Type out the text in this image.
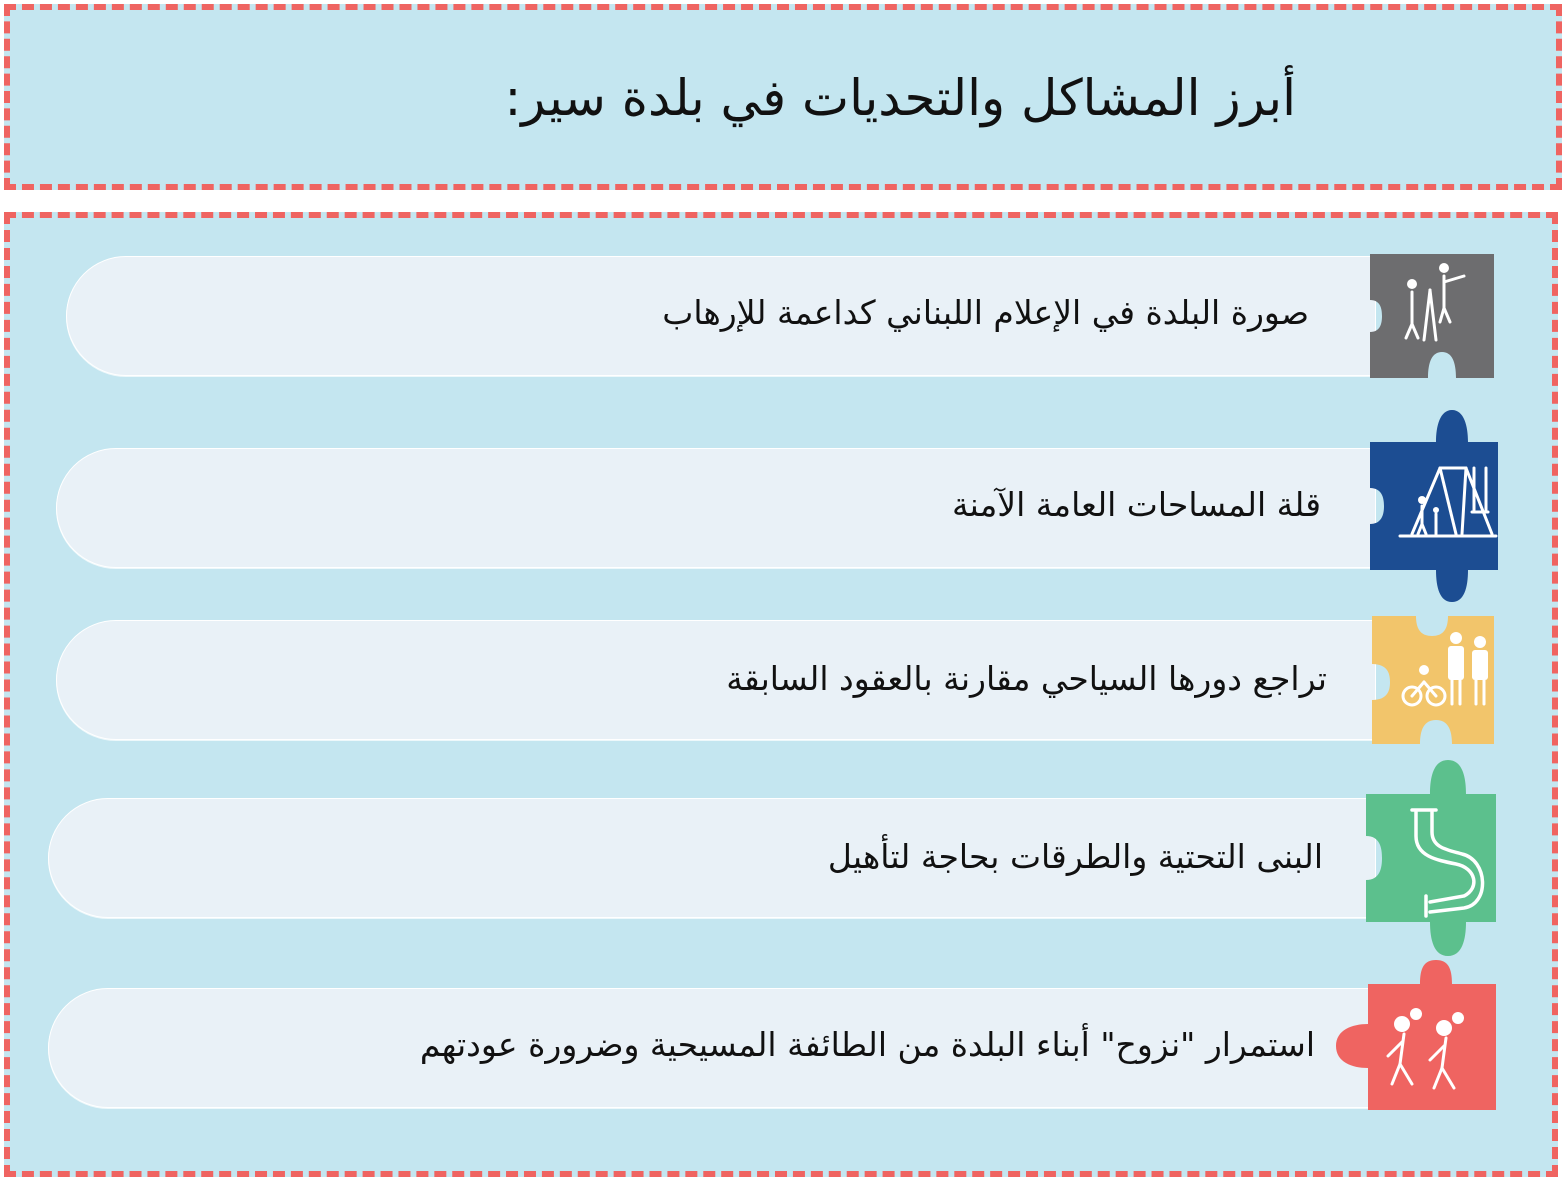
أبرز المشاكل والتحديات في بلدة سير:
صورة البلدة في الإعلام اللبناني كداعمة للإرهاب
قلة المساحات العامة الآمنة
تراجع دورها السياحي مقارنة بالعقود السابقة
البنى التحتية والطرقات بحاجة لتأهيل
استمرار "نزوح" أبناء البلدة من الطائفة المسيحية وضرورة عودتهم
